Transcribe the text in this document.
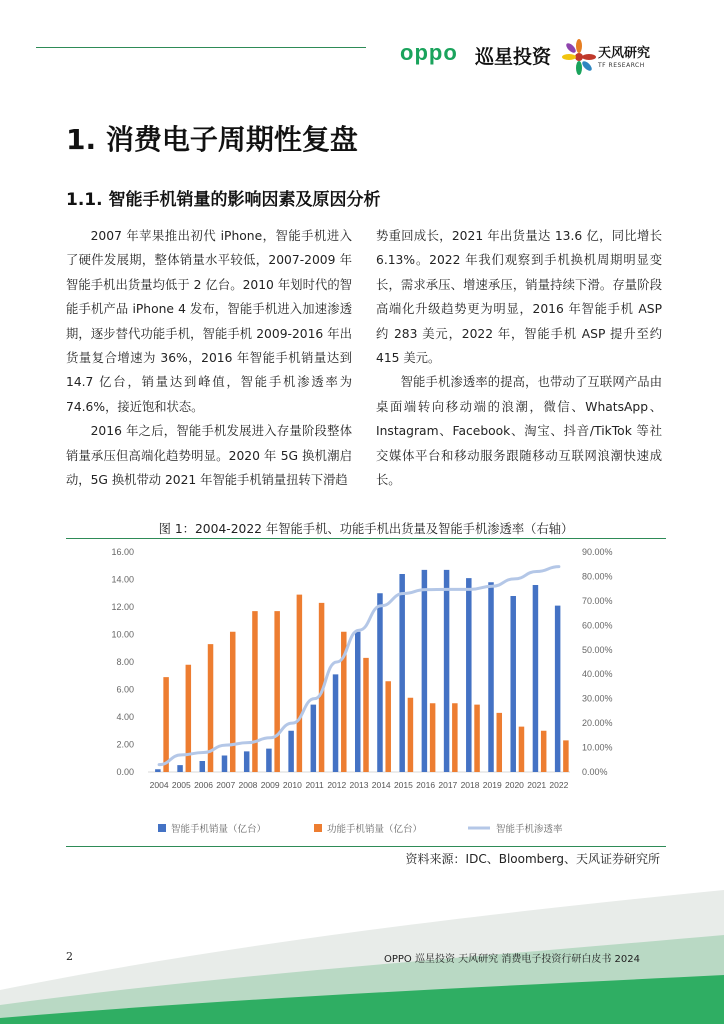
oppo 巡星投资	天风研究
TF RESEARCH
1. 消费电子周期性复盘
1.1. 智能手机销量的影响因素及原因分析

2007 年苹果推出初代 iPhone，智能手机进入了硬件发展期，整体销量水平较低，2007-2009 年智能手机出货量均低于 2 亿台。2010 年划时代的智能手机产品 iPhone 4 发布，智能手机进入加速渗透期，逐步替代功能手机，智能手机 2009-2016 年出货量复合增速为 36%，2016 年智能手机销量达到 14.7 亿台，销量达到峰值，智能手机渗透率为 74.6%，接近饱和状态。

2016 年之后，智能手机发展进入存量阶段整体销量承压但高端化趋势明显。2020 年 5G 换机潮启动，5G 换机带动 2021 年智能手机销量扭转下滑趋

势重回成长，2021 年出货量达 13.6 亿，同比增长 6.13%。2022 年我们观察到手机换机周期明显变长，需求承压、增速承压，销量持续下滑。存量阶段高端化升级趋势更为明显，2016 年智能手机 ASP 约 283 美元，2022 年，智能手机 ASP 提升至约 415 美元。

智能手机渗透率的提高，也带动了互联网产品由桌面端转向移动端的浪潮，微信、WhatsApp、Instagram、Facebook、淘宝、抖音/TikTok 等社交媒体平台和移动服务跟随移动互联网浪潮快速成长。

图 1：2004-2022 年智能手机、功能手机出货量及智能手机渗透率（右轴）
0.00
2.00
4.00
6.00
8.00
10.00
12.00
14.00
16.00
0.00%
10.00%
20.00%
30.00%
40.00%
50.00%
60.00%
70.00%
80.00%
90.00%
2004 2005 2006 2007 2008 2009 2010 2011 2012 2013 2014 2015 2016 2017 2018 2019 2020 2021 2022
智能手机销量（亿台）	功能手机销量（亿台）	智能手机渗透率
资料来源：IDC、Bloomberg、天风证券研究所
2	OPPO 巡星投资 天风研究 消费电子投资行研白皮书 2024
